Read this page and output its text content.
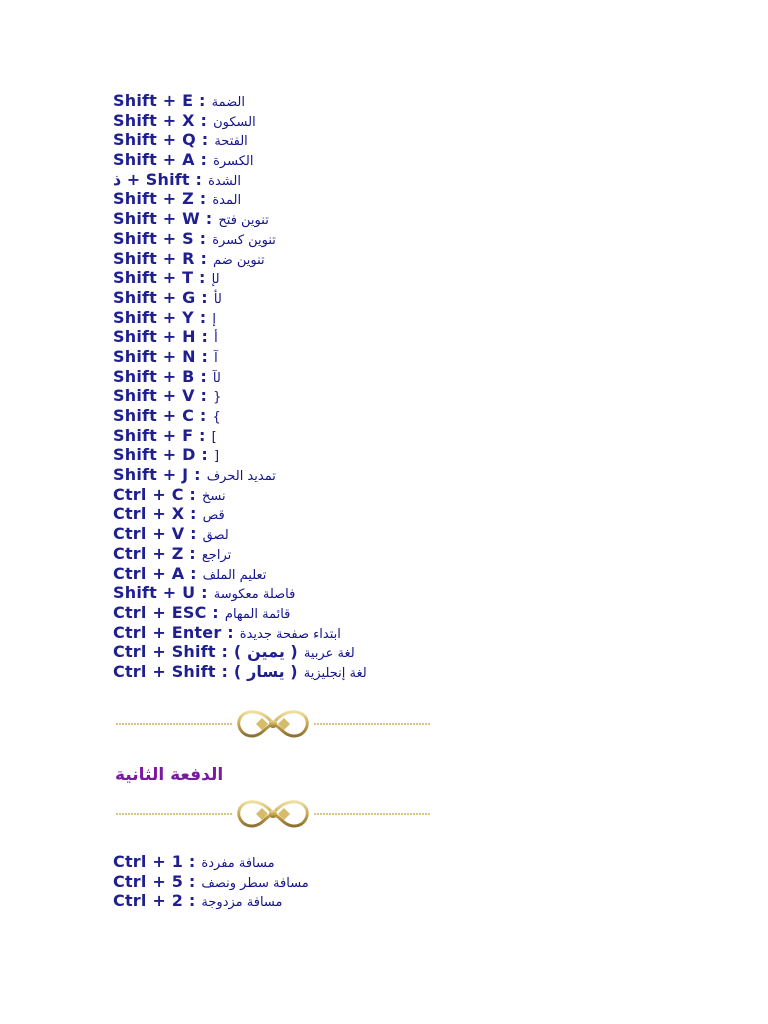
Shift + E : الضمة
Shift + X : السكون
Shift + Q : الفتحة
Shift + A : الكسرة
ذ + Shift : الشدة
Shift + Z : المدة
Shift + W : تنوين فتح
Shift + S : تنوين كسرة
Shift + R : تنوين ضم
Shift + T : لإ
Shift + G : لأ
Shift + Y : إ
Shift + H : أ
Shift + N : آ
Shift + B : لآ
Shift + V : {
Shift + C : }
Shift + F : ]
Shift + D : [
Shift + J : تمديد الحرف
Ctrl + C : نسخ
Ctrl + X : قص
Ctrl + V : لصق
Ctrl + Z : تراجع
Ctrl + A : تعليم الملف
Shift + U : فاصلة معكوسة
Ctrl + ESC : قائمة المهام
Ctrl + Enter : ابتداء صفحة جديدة
Ctrl + Shift : ( يمين ) لغة عربية
Ctrl + Shift : ( يسار ) لغة إنجليزية
الدفعة الثانية
Ctrl + 1 : مسافة مفردة
Ctrl + 5 : مسافة سطر ونصف
Ctrl + 2 : مسافة مزدوجة
